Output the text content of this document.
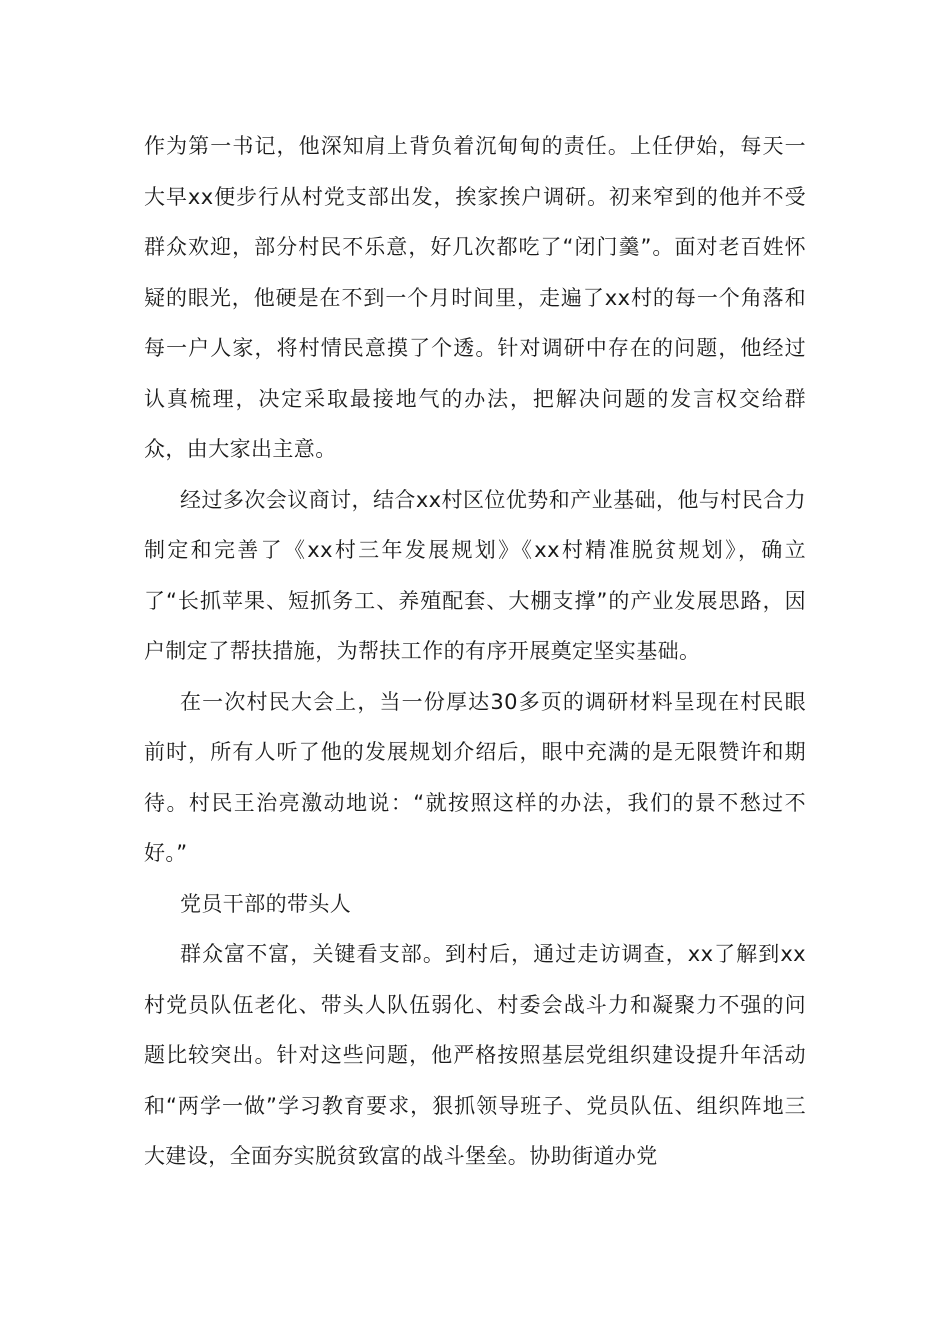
作为第一书记，他深知肩上背负着沉甸甸的责任。上任伊始，每天一大早xx便步行从村党支部出发，挨家挨户调研。初来窄到的他并不受群众欢迎，部分村民不乐意，好几次都吃了“闭门羹”。面对老百姓怀疑的眼光，他硬是在不到一个月时间里，走遍了xx村的每一个角落和每一户人家，将村情民意摸了个透。针对调研中存在的问题，他经过认真梳理，决定采取最接地气的办法，把解决问题的发言权交给群众，由大家出主意。

经过多次会议商讨，结合xx村区位优势和产业基础，他与村民合力制定和完善了《xx村三年发展规划》《xx村精准脱贫规划》，确立了“长抓苹果、短抓务工、养殖配套、大棚支撑”的产业发展思路，因户制定了帮扶措施，为帮扶工作的有序开展奠定坚实基础。

在一次村民大会上，当一份厚达30多页的调研材料呈现在村民眼前时，所有人听了他的发展规划介绍后，眼中充满的是无限赞许和期待。村民王治亮激动地说：“就按照这样的办法，我们的景不愁过不好。”

党员干部的带头人

群众富不富，关键看支部。到村后，通过走访调查，xx了解到xx村党员队伍老化、带头人队伍弱化、村委会战斗力和凝聚力不强的问题比较突出。针对这些问题，他严格按照基层党组织建设提升年活动和“两学一做”学习教育要求，狠抓领导班子、党员队伍、组织阵地三大建设，全面夯实脱贫致富的战斗堡垒。协助街道办党
